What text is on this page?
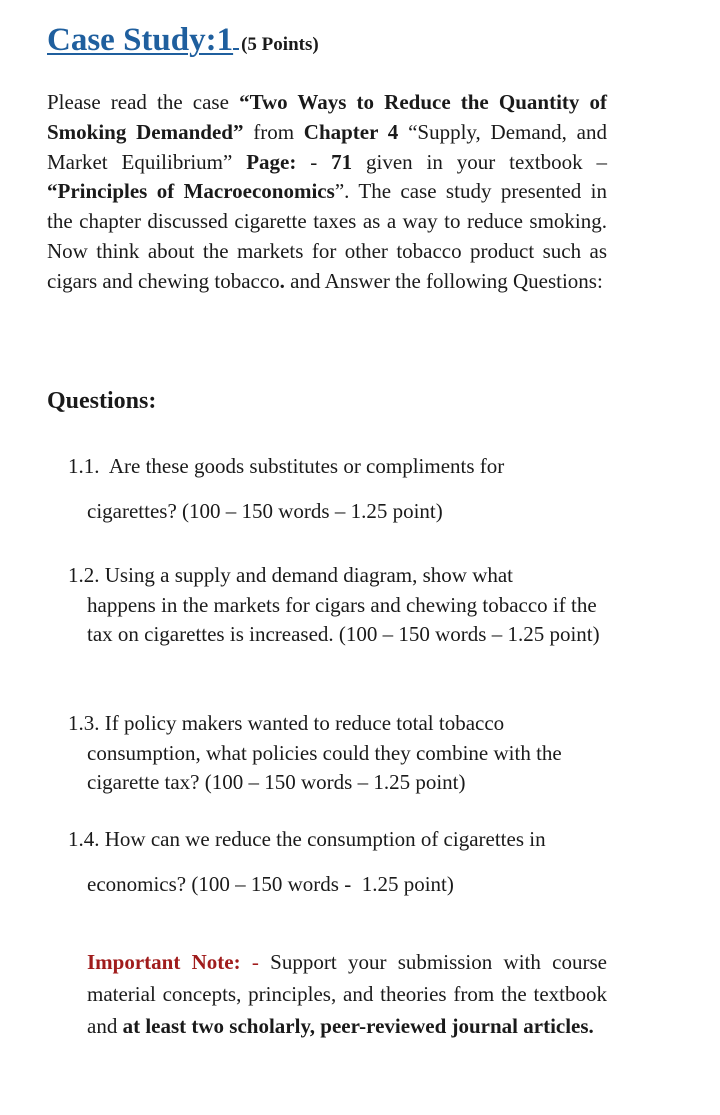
Case Study:1 (5 Points)
Please read the case “Two Ways to Reduce the Quantity of Smoking Demanded” from Chapter 4 “Supply, Demand, and Market Equilibrium” Page: - 71 given in your textbook – “Principles of Macroeconomics”. The case study presented in the chapter discussed cigarette taxes as a way to reduce smoking. Now think about the markets for other tobacco product such as cigars and chewing tobacco. and Answer the following Questions:
Questions:
1.1.  Are these goods substitutes or compliments for
cigarettes? (100 – 150 words – 1.25 point)
1.2. Using a supply and demand diagram, show what
happens in the markets for cigars and chewing tobacco if the tax on cigarettes is increased. (100 – 150 words – 1.25 point)
1.3. If policy makers wanted to reduce total tobacco
consumption, what policies could they combine with the cigarette tax? (100 – 150 words – 1.25 point)
1.4. How can we reduce the consumption of cigarettes in
economics? (100 – 150 words -  1.25 point)
Important Note: - Support your submission with course material concepts, principles, and theories from the textbook and at least two scholarly, peer-reviewed journal articles.
